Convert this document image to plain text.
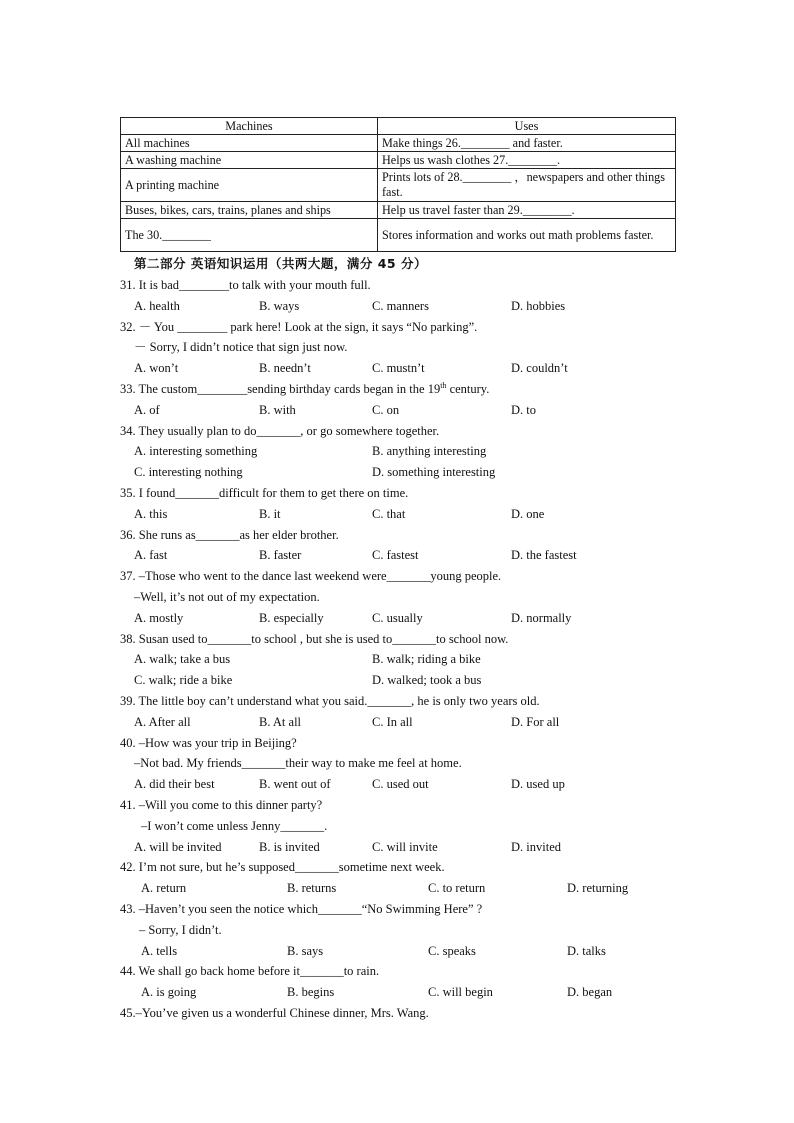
Machines	Uses
All machines	Make things 26.________ and faster.
A washing machine	Helps us wash clothes 27.________.
A printing machine	Prints lots of 28.________ ，newspapers and other things fast.
Buses, bikes, cars, trains, planes and ships	Help us travel faster than 29.________.
The 30.________	Stores information and works out math problems faster.
第二部分 英语知识运用（共两大题，满分 45 分）
31. It is bad________to talk with your mouth full.
A. health	B. ways	C. manners	D. hobbies
32. － You ________ park here! Look at the sign, it says “No parking”.
－ Sorry, I didn’t notice that sign just now.
A. won’t	B. needn’t	C. mustn’t	D. couldn’t
33. The custom________sending birthday cards began in the 19th century.
A. of	B. with	C. on	D. to
34. They usually plan to do_______, or go somewhere together.
A. interesting something	B. anything interesting
C. interesting nothing	D. something interesting
35. I found_______difficult for them to get there on time.
A. this	B. it	C. that	D. one
36. She runs as_______as her elder brother.
A. fast	B. faster	C. fastest	D. the fastest
37. –Those who went to the dance last weekend were_______young people.
–Well, it’s not out of my expectation.
A. mostly	B. especially	C. usually	D. normally
38. Susan used to_______to school , but she is used to_______to school now.
A. walk; take a bus	B. walk; riding a bike
C. walk; ride a bike	D. walked; took a bus
39. The little boy can’t understand what you said._______, he is only two years old.
A. After all	B. At all	C. In all	D. For all
40. –How was your trip in Beijing?
–Not bad. My friends_______their way to make me feel at home.
A. did their best	B. went out of	C. used out	D. used up
41. –Will you come to this dinner party?
–I won’t come unless Jenny_______.
A. will be invited	B. is invited	C. will invite	D. invited
42. I’m not sure, but he’s supposed_______sometime next week.
A. return	B. returns	C. to return	D. returning
43. –Haven’t you seen the notice which_______“No Swimming Here” ?
– Sorry, I didn’t.
A. tells	B. says	C. speaks	D. talks
44. We shall go back home before it_______to rain.
A. is going	B. begins	C. will begin	D. began
45.–You’ve given us a wonderful Chinese dinner, Mrs. Wang.
